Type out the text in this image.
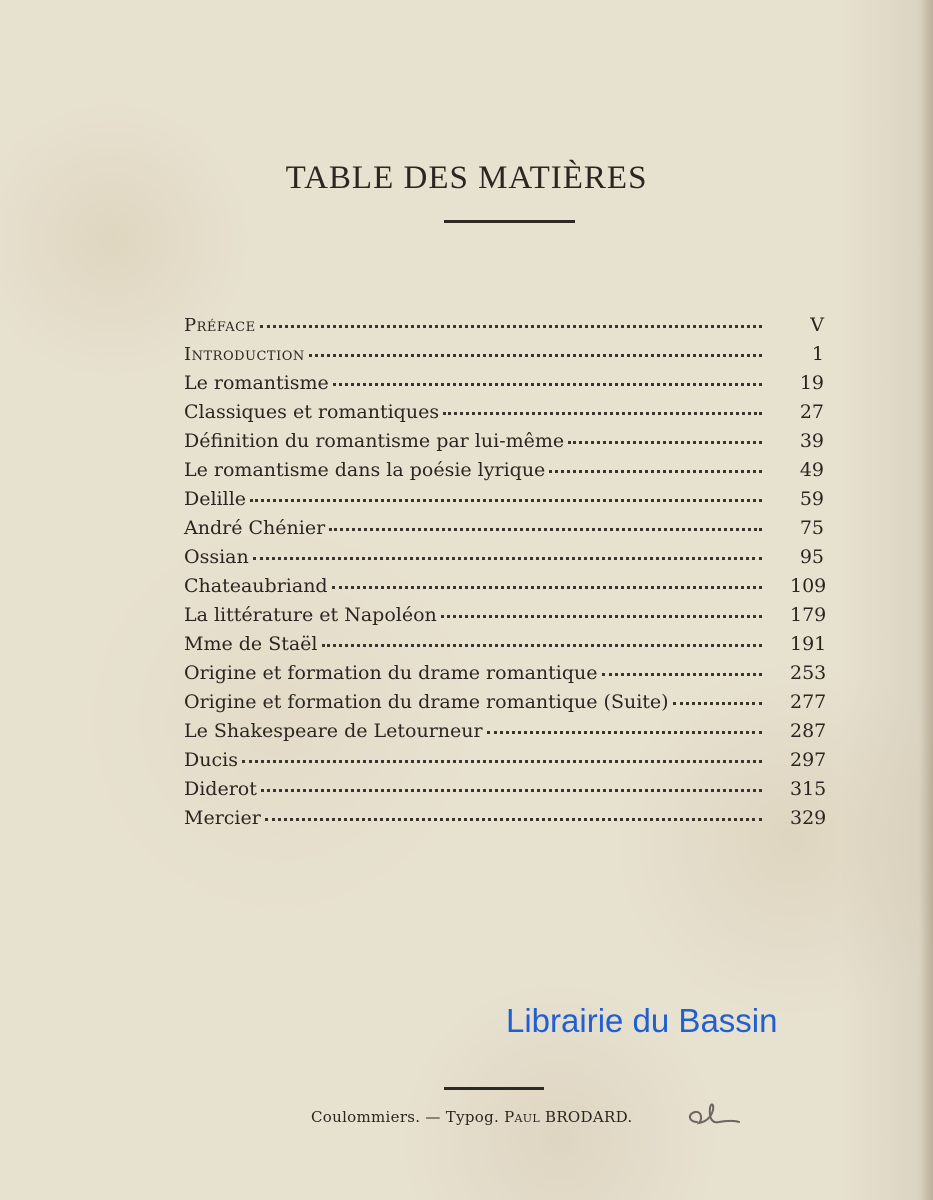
TABLE DES MATIÈRES
Préface	V
Introduction	1
Le romantisme	19
Classiques et romantiques	27
Définition du romantisme par lui-même	39
Le romantisme dans la poésie lyrique	49
Delille	59
André Chénier	75
Ossian	95
Chateaubriand	109
La littérature et Napoléon	179
Mme de Staël	191
Origine et formation du drame romantique	253
Origine et formation du drame romantique (Suite)	277
Le Shakespeare de Letourneur	287
Ducis	297
Diderot	315
Mercier	329
Librairie du Bassin
Coulommiers. — Typog. Paul BRODARD.
